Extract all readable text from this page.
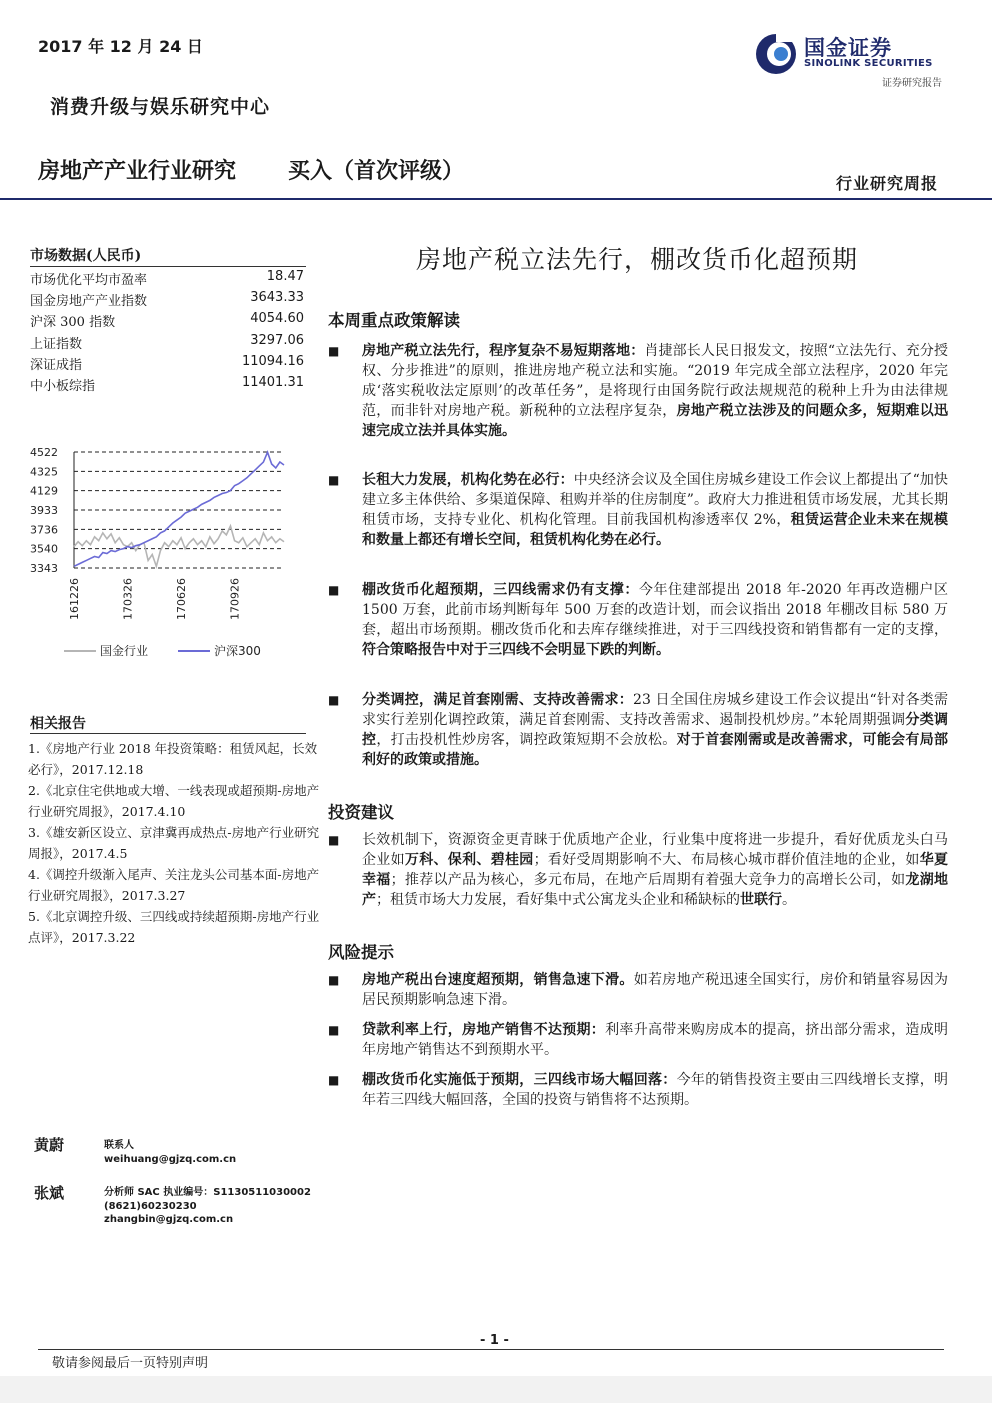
2017 年 12 月 24 日
消费升级与娱乐研究中心
房地产产业行业研究 买入（首次评级）	行业研究周报
国金证券
SINOLINK SECURITIES
证券研究报告
市场数据(人民币)
市场优化平均市盈率	18.47
国金房地产产业指数	3643.33
沪深 300 指数	4054.60
上证指数	3297.06
深证成指	11094.16
中小板综指	11401.31
4522
4325
4129
3933
3736
3540
3343
161226	170326	170626	170926
国金行业	沪深300
相关报告
1.《房地产行业 2018 年投资策略：租赁风起，长效必行》，2017.12.18
2.《北京住宅供地或大增、一线表现或超预期-房地产行业研究周报》，2017.4.10
3.《雄安新区设立、京津冀再成热点-房地产行业研究周报》，2017.4.5
4.《调控升级渐入尾声、关注龙头公司基本面-房地产行业研究周报》，2017.3.27
5.《北京调控升级、三四线或持续超预期-房地产行业点评》，2017.3.22
黄蔚	联系人
weihuang@gjzq.com.cn
张斌	分析师 SAC 执业编号：S1130511030002
(8621)60230230
zhangbin@gjzq.com.cn
房地产税立法先行，棚改货币化超预期
本周重点政策解读
■ 房地产税立法先行，程序复杂不易短期落地：肖捷部长人民日报发文，按照“立法先行、充分授权、分步推进”的原则，推进房地产税立法和实施。“2019 年完成全部立法程序，2020 年完成‘落实税收法定原则’的改革任务”，是将现行由国务院行政法规规范的税种上升为由法律规范，而非针对房地产税。新税种的立法程序复杂，房地产税立法涉及的问题众多，短期难以迅速完成立法并具体实施。
■ 长租大力发展，机构化势在必行：中央经济会议及全国住房城乡建设工作会议上都提出了“加快建立多主体供给、多渠道保障、租购并举的住房制度”。政府大力推进租赁市场发展，尤其长期租赁市场，支持专业化、机构化管理。目前我国机构渗透率仅 2%，租赁运营企业未来在规模和数量上都还有增长空间，租赁机构化势在必行。
■ 棚改货币化超预期，三四线需求仍有支撑：今年住建部提出 2018 年-2020 年再改造棚户区 1500 万套，此前市场判断每年 500 万套的改造计划，而会议指出 2018 年棚改目标 580 万套，超出市场预期。棚改货币化和去库存继续推进，对于三四线投资和销售都有一定的支撑，符合策略报告中对于三四线不会明显下跌的判断。
■ 分类调控，满足首套刚需、支持改善需求：23 日全国住房城乡建设工作会议提出“针对各类需求实行差别化调控政策，满足首套刚需、支持改善需求、遏制投机炒房。”本轮周期强调分类调控，打击投机性炒房客，调控政策短期不会放松。对于首套刚需或是改善需求，可能会有局部利好的政策或措施。
投资建议
■ 长效机制下，资源资金更青睐于优质地产企业，行业集中度将进一步提升，看好优质龙头白马企业如万科、保利、碧桂园；看好受周期影响不大、布局核心城市群价值洼地的企业，如华夏幸福；推荐以产品为核心，多元布局，在地产后周期有着强大竞争力的高增长公司，如龙湖地产；租赁市场大力发展，看好集中式公寓龙头企业和稀缺标的世联行。
风险提示
■ 房地产税出台速度超预期，销售急速下滑。如若房地产税迅速全国实行，房价和销量容易因为居民预期影响急速下滑。
■ 贷款利率上行，房地产销售不达预期：利率升高带来购房成本的提高，挤出部分需求，造成明年房地产销售达不到预期水平。
■ 棚改货币化实施低于预期，三四线市场大幅回落：今年的销售投资主要由三四线增长支撑，明年若三四线大幅回落，全国的投资与销售将不达预期。
- 1 -
敬请参阅最后一页特别声明
